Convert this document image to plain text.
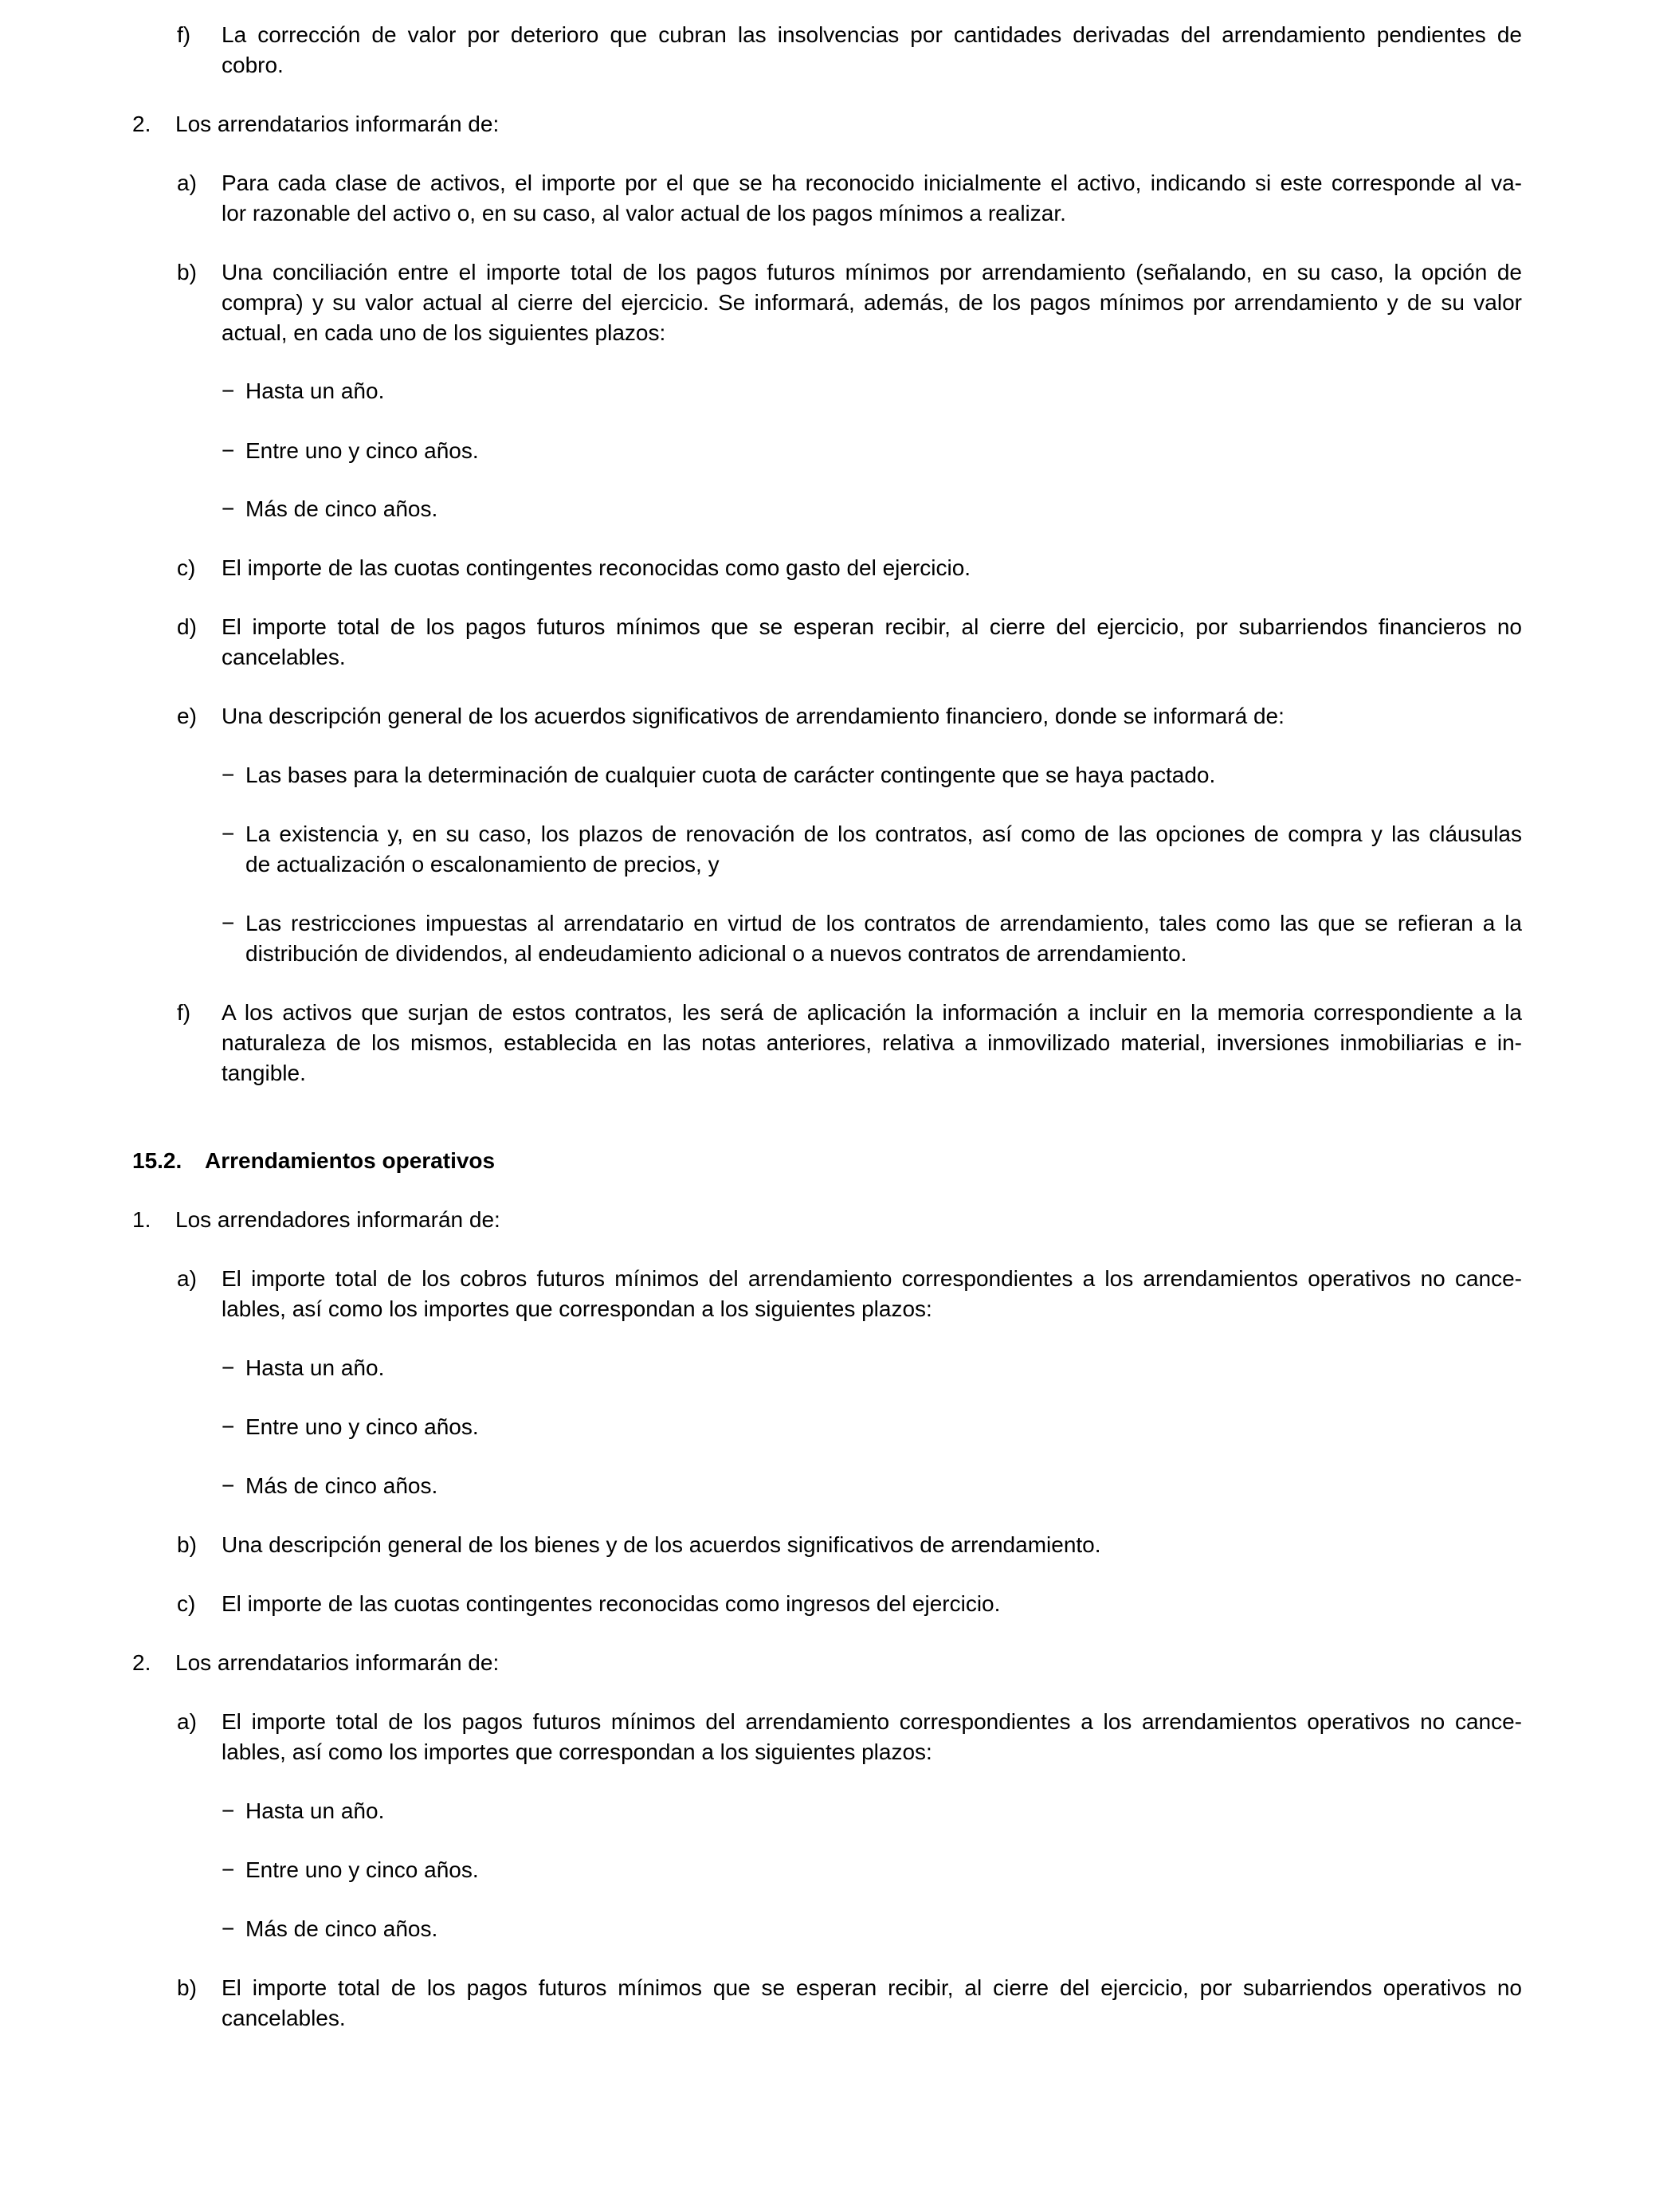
f) La corrección de valor por deterioro que cubran las insolvencias por cantidades derivadas del arrendamiento pendientes de
cobro.
2. Los arrendatarios informarán de:
a) Para cada clase de activos, el importe por el que se ha reconocido inicialmente el activo, indicando si este corresponde al va-
lor razonable del activo o, en su caso, al valor actual de los pagos mínimos a realizar.
b) Una conciliación entre el importe total de los pagos futuros mínimos por arrendamiento (señalando, en su caso, la opción de
compra) y su valor actual al cierre del ejercicio. Se informará, además, de los pagos mínimos por arrendamiento y de su valor
actual, en cada uno de los siguientes plazos:
− Hasta un año.
− Entre uno y cinco años.
− Más de cinco años.
c) El importe de las cuotas contingentes reconocidas como gasto del ejercicio.
d) El importe total de los pagos futuros mínimos que se esperan recibir, al cierre del ejercicio, por subarriendos financieros no
cancelables.
e) Una descripción general de los acuerdos significativos de arrendamiento financiero, donde se informará de:
− Las bases para la determinación de cualquier cuota de carácter contingente que se haya pactado.
− La existencia y, en su caso, los plazos de renovación de los contratos, así como de las opciones de compra y las cláusulas
de actualización o escalonamiento de precios, y
− Las restricciones impuestas al arrendatario en virtud de los contratos de arrendamiento, tales como las que se refieran a la
distribución de dividendos, al endeudamiento adicional o a nuevos contratos de arrendamiento.
f) A los activos que surjan de estos contratos, les será de aplicación la información a incluir en la memoria correspondiente a la
naturaleza de los mismos, establecida en las notas anteriores, relativa a inmovilizado material, inversiones inmobiliarias e in-
tangible.
15.2. Arrendamientos operativos
1. Los arrendadores informarán de:
a) El importe total de los cobros futuros mínimos del arrendamiento correspondientes a los arrendamientos operativos no cance-
lables, así como los importes que correspondan a los siguientes plazos:
− Hasta un año.
− Entre uno y cinco años.
− Más de cinco años.
b) Una descripción general de los bienes y de los acuerdos significativos de arrendamiento.
c) El importe de las cuotas contingentes reconocidas como ingresos del ejercicio.
2. Los arrendatarios informarán de:
a) El importe total de los pagos futuros mínimos del arrendamiento correspondientes a los arrendamientos operativos no cance-
lables, así como los importes que correspondan a los siguientes plazos:
− Hasta un año.
− Entre uno y cinco años.
− Más de cinco años.
b) El importe total de los pagos futuros mínimos que se esperan recibir, al cierre del ejercicio, por subarriendos operativos no
cancelables.
